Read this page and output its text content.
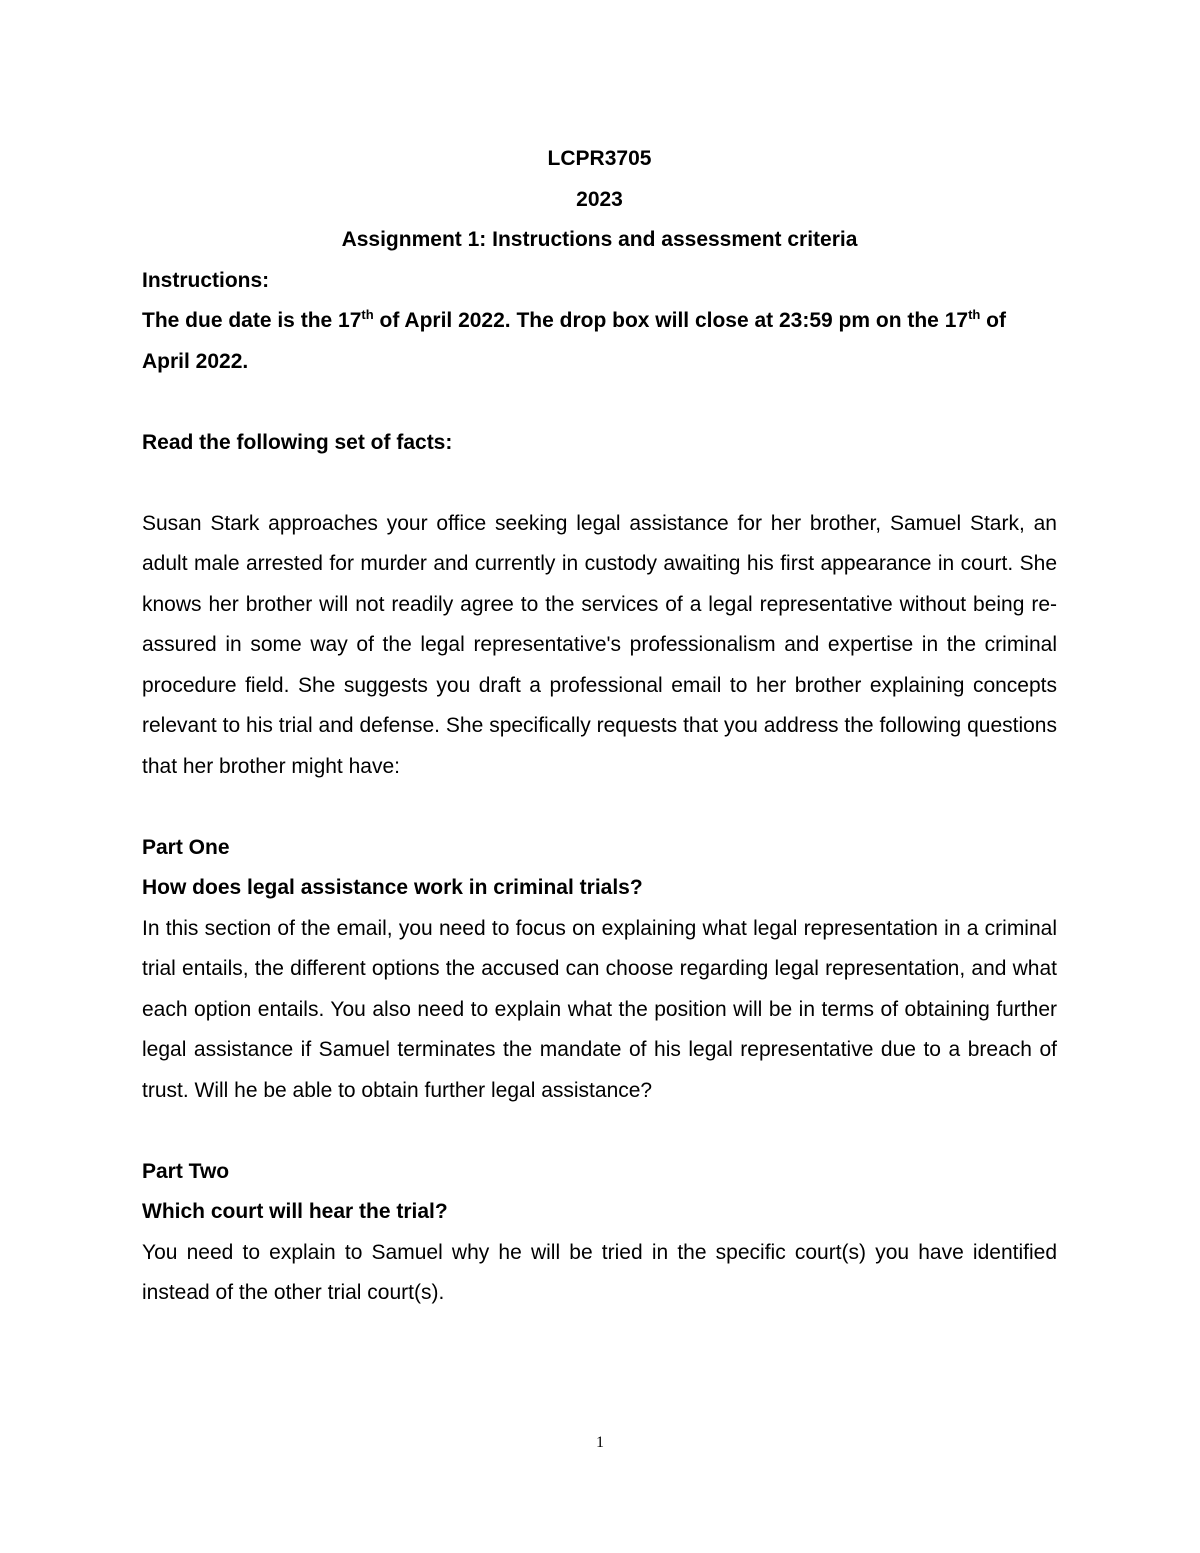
LCPR3705

2023

Assignment 1: Instructions and assessment criteria

Instructions:

The due date is the 17th of April 2022. The drop box will close at 23:59 pm on the 17th of April 2022.

Read the following set of facts:

Susan Stark approaches your office seeking legal assistance for her brother, Samuel Stark, an adult male arrested for murder and currently in custody awaiting his first appearance in court. She knows her brother will not readily agree to the services of a legal representative without being re-assured in some way of the legal representative's professionalism and expertise in the criminal procedure field. She suggests you draft a professional email to her brother explaining concepts relevant to his trial and defense. She specifically requests that you address the following questions that her brother might have:

Part One

How does legal assistance work in criminal trials?

In this section of the email, you need to focus on explaining what legal representation in a criminal trial entails, the different options the accused can choose regarding legal representation, and what each option entails. You also need to explain what the position will be in terms of obtaining further legal assistance if Samuel terminates the mandate of his legal representative due to a breach of trust. Will he be able to obtain further legal assistance?

Part Two

Which court will hear the trial?

You need to explain to Samuel why he will be tried in the specific court(s) you have identified instead of the other trial court(s).

1
